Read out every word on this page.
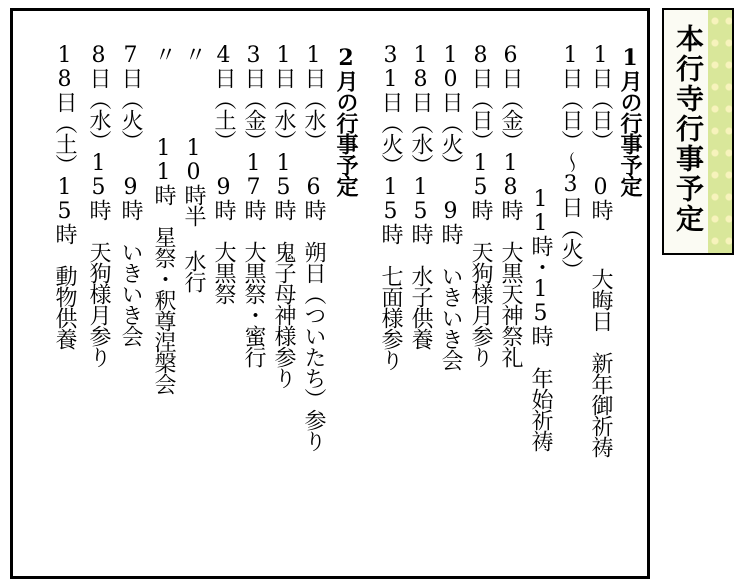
1月の行事予定
1日（日） 0時  大晦日　新年御祈祷
1日（日）～3日（火）
11時・15時　年始祈祷
6日（金）18時　大黒天神祭礼
8日（日）15時　天狗様月参り
10日（火） 9時　いきいき会
18日（水）15時　水子供養
31日（火）15時　七面様参り
2月の行事予定
1日（水） 6時　朔日（ついたち）参り
1日（水）15時　鬼子母神様参り
3日（金）17時　大黒祭・蜜行
4日（土） 9時　大黒祭
〃   10時半 水行
〃   11時　星祭・釈尊涅槃会
7日（火） 9時　いきいき会
8日（水）15時　天狗様月参り
18日（土）15時　動物供養	本行寺行事予定
